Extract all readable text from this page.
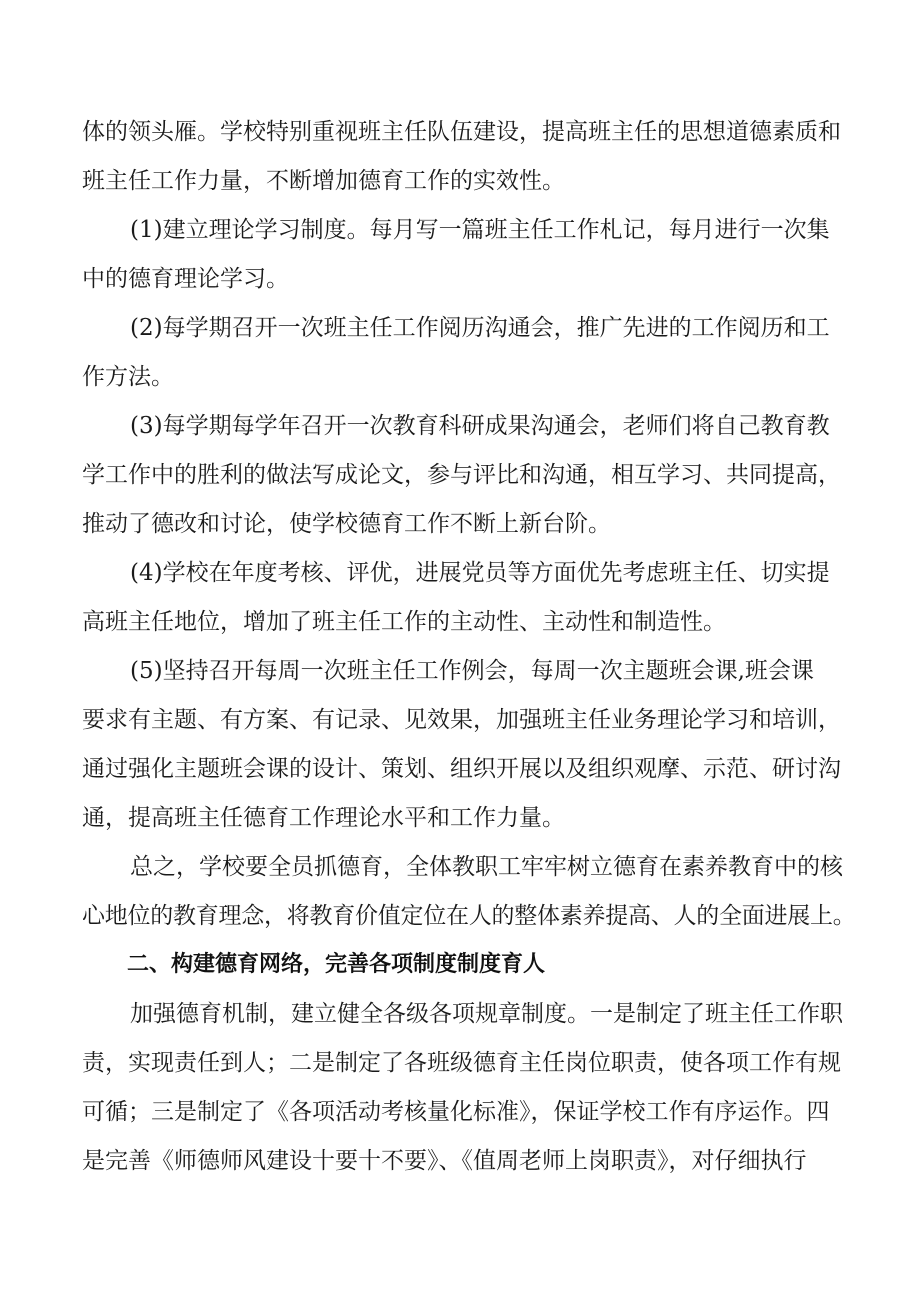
体的领头雁。学校特别重视班主任队伍建设，提高班主任的思想道德素质和
班主任工作力量，不断增加德育工作的实效性。
(1)建立理论学习制度。每月写一篇班主任工作札记，每月进行一次集
中的德育理论学习。
(2)每学期召开一次班主任工作阅历沟通会，推广先进的工作阅历和工
作方法。
(3)每学期每学年召开一次教育科研成果沟通会，老师们将自己教育教
学工作中的胜利的做法写成论文，参与评比和沟通，相互学习、共同提高，
推动了德改和讨论，使学校德育工作不断上新台阶。
(4)学校在年度考核、评优，进展党员等方面优先考虑班主任、切实提
高班主任地位，增加了班主任工作的主动性、主动性和制造性。
(5)坚持召开每周一次班主任工作例会，每周一次主题班会课,班会课
要求有主题、有方案、有记录、见效果，加强班主任业务理论学习和培训，
通过强化主题班会课的设计、策划、组织开展以及组织观摩、示范、研讨沟
通，提高班主任德育工作理论水平和工作力量。
总之，学校要全员抓德育，全体教职工牢牢树立德育在素养教育中的核
心地位的教育理念，将教育价值定位在人的整体素养提高、人的全面进展上。
二、构建德育网络，完善各项制度制度育人
加强德育机制，建立健全各级各项规章制度。一是制定了班主任工作职
责，实现责任到人；二是制定了各班级德育主任岗位职责，使各项工作有规
可循；三是制定了《各项活动考核量化标准》，保证学校工作有序运作。四
是完善《师德师风建设十要十不要》、《值周老师上岗职责》，对仔细执行
